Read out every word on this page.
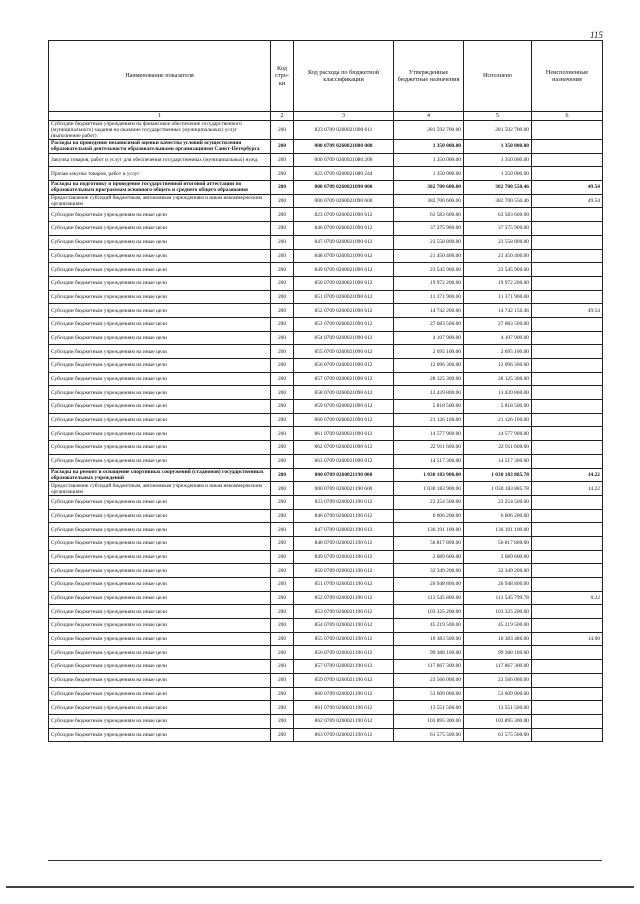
115
Наименование показателя	Код стро-ки	Код расхода по бюджетной классификации	Утвержденные бюджетные назначения	Исполнено	Неисполненные назначения
1	2	3	4	5	6
Субсидии бюджетным учреждениям на финансовое обеспечение государственного (муниципального) задания на оказание государственных (муниципальных) услуг (выполнение работ)	200	823 0709 0260021000 611	281 592 700.00	281 592 700.00	
Расходы на проведение независимой оценки качества условий осуществления образовательной деятельности образовательными организациями Санкт-Петербурга	200	000 0709 0260021080 000	1 350 000.00	1 350 000.00	
Закупка товаров, работ и услуг для обеспечения государственных (муниципальных) нужд	200	000 0709 0260021080 200	1 350 000.00	1 350 000.00	
Прочая закупка товаров, работ и услуг	200	823 0709 0260021080 244	1 350 000.00	1 350 000.00	
Расходы на подготовку и проведение государственной итоговой аттестации по образовательным программам основного общего и среднего общего образования	200	000 0709 0260021090 000	382 700 600.00	382 700 550.46	49.54
Предоставление субсидий бюджетным, автономным учреждениям и иным некоммерческим организациям	200	000 0709 0260021090 600	382 700 600.00	382 700 550.46	49.54
Субсидии бюджетным учреждениям на иные цели	200	823 0709 0260021090 612	63 583 600.00	63 583 600.00	
Субсидии бюджетным учреждениям на иные цели	200	846 0709 0260021090 612	37 375 900.00	37 375 900.00	
Субсидии бюджетным учреждениям на иные цели	200	847 0709 0260021090 612	23 558 800.00	23 558 800.00	
Субсидии бюджетным учреждениям на иные цели	200	848 0709 0260021090 612	21 450 400.00	21 450 400.00	
Субсидии бюджетным учреждениям на иные цели	200	849 0709 0260021090 612	23 545 900.00	23 545 900.00	
Субсидии бюджетным учреждениям на иные цели	200	850 0709 0260021090 612	19 972 200.00	19 972 200.00	
Субсидии бюджетным учреждениям на иные цели	200	851 0709 0260021090 612	11 371 900.00	11 371 900.00	
Субсидии бюджетным учреждениям на иные цели	200	852 0709 0260021090 612	14 742 200.00	14 742 150.46	49.54
Субсидии бюджетным учреждениям на иные цели	200	853 0709 0260021090 612	27 683 500.00	27 683 500.00	
Субсидии бюджетным учреждениям на иные цели	200	854 0709 0260021090 612	4 107 900.00	4 107 900.00	
Субсидии бюджетным учреждениям на иные цели	200	855 0709 0260021090 612	2 695 100.00	2 695 100.00	
Субсидии бюджетным учреждениям на иные цели	200	856 0709 0260021090 612	12 096 300.00	12 096 300.00	
Субсидии бюджетным учреждениям на иные цели	200	857 0709 0260021090 612	28 125 300.00	28 125 300.00	
Субсидии бюджетным учреждениям на иные цели	200	858 0709 0260021090 612	13 439 800.00	13 439 800.00	
Субсидии бюджетным учреждениям на иные цели	200	859 0709 0260021090 612	5 818 500.00	5 818 500.00	
Субсидии бюджетным учреждениям на иные цели	200	860 0709 0260021090 612	21 126 100.00	21 126 100.00	
Субсидии бюджетным учреждениям на иные цели	200	861 0709 0260021090 612	14 577 900.00	14 577 900.00	
Субсидии бюджетным учреждениям на иные цели	200	862 0709 0260021090 612	22 911 600.00	22 911 600.00	
Субсидии бюджетным учреждениям на иные цели	200	863 0709 0260021090 612	14 517 300.00	14 517 300.00	
Расходы на ремонт и оснащение спортивных сооружений (стадионов) государственных образовательных учреждений	200	000 0709 0260021190 000	1 030 183 900.00	1 030 183 885.78	14.22
Предоставление субсидий бюджетным, автономным учреждениям и иным некоммерческим организациям	200	000 0709 0260021190 600	1 030 183 900.00	1 030 183 885.78	14.22
Субсидии бюджетным учреждениям на иные цели	200	823 0709 0260021190 612	23 254 500.00	23 254 500.00	
Субсидии бюджетным учреждениям на иные цели	200	846 0709 0260021190 612	6 006 200.00	6 006 200.00	
Субсидии бюджетным учреждениям на иные цели	200	847 0709 0260021190 612	136 191 100.00	136 191 100.00	
Субсидии бюджетным учреждениям на иные цели	200	848 0709 0260021190 612	56 817 800.00	56 817 800.00	
Субсидии бюджетным учреждениям на иные цели	200	849 0709 0260021190 612	2 689 600.00	2 689 600.00	
Субсидии бюджетным учреждениям на иные цели	200	850 0709 0260021190 612	32 349 200.00	32 349 200.00	
Субсидии бюджетным учреждениям на иные цели	200	851 0709 0260021190 612	26 948 800.00	26 948 800.00	
Субсидии бюджетным учреждениям на иные цели	200	852 0709 0260021190 612	113 545 800.00	113 545 799.78	0.22
Субсидии бюджетным учреждениям на иные цели	200	853 0709 0260021190 612	103 325 200.00	103 325 200.00	
Субсидии бюджетным учреждениям на иные цели	200	854 0709 0260021190 612	45 219 500.00	45 219 500.00	
Субсидии бюджетным учреждениям на иные цели	200	855 0709 0260021190 612	10 383 500.00	10 383 486.00	14.00
Субсидии бюджетным учреждениям на иные цели	200	856 0709 0260021190 612	99 388 100.00	99 388 100.00	
Субсидии бюджетным учреждениям на иные цели	200	857 0709 0260021190 612	117 867 300.00	117 867 300.00	
Субсидии бюджетным учреждениям на иные цели	200	859 0709 0260021190 612	23 566 000.00	23 566 000.00	
Субсидии бюджетным учреждениям на иные цели	200	860 0709 0260021190 612	53 609 000.00	53 609 000.00	
Субсидии бюджетным учреждениям на иные цели	200	861 0709 0260021190 612	13 551 500.00	13 551 500.00	
Субсидии бюджетным учреждениям на иные цели	200	862 0709 0260021190 612	103 895 300.00	103 895 300.00	
Субсидии бюджетным учреждениям на иные цели	200	863 0709 0260021190 612	61 575 500.00	61 575 500.00	
